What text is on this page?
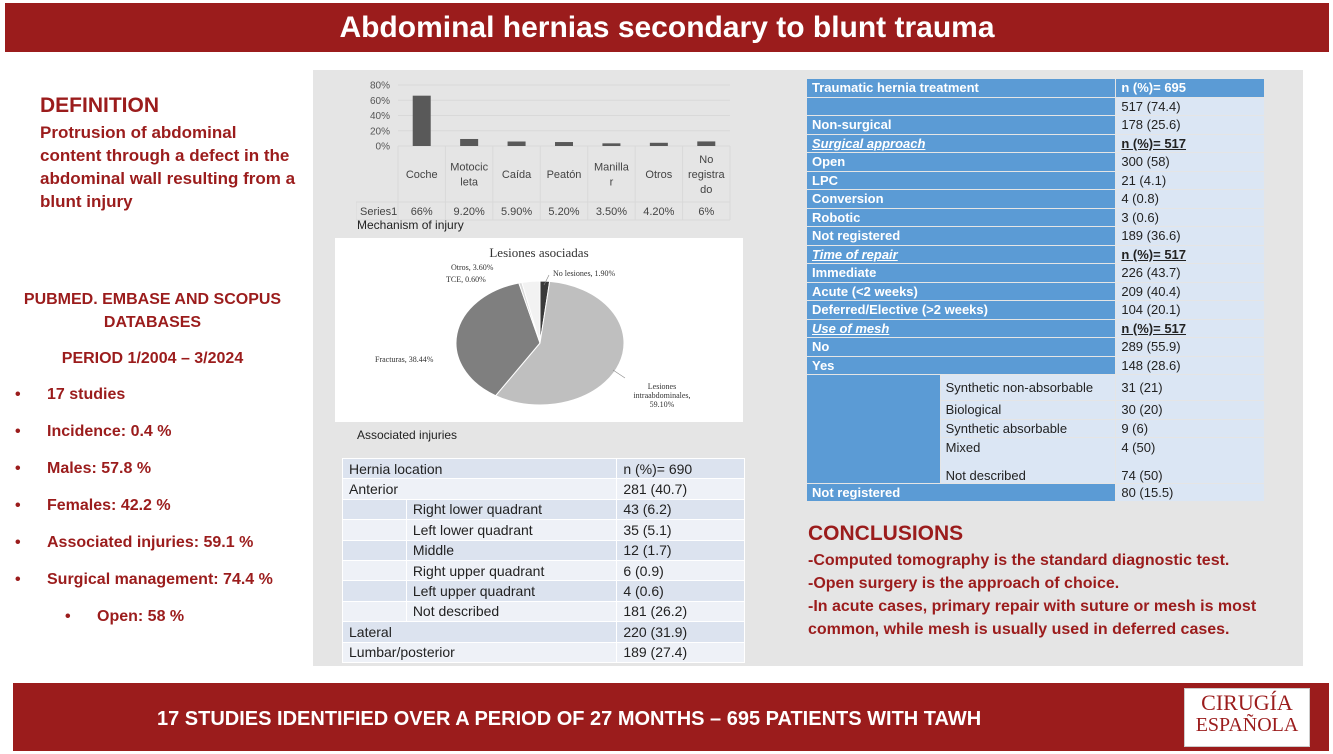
Abdominal hernias secondary to blunt trauma
DEFINITION
Protrusion of abdominal content through a defect in the abdominal wall resulting from a blunt injury
PUBMED. EMBASE AND SCOPUS DATABASES
PERIOD 1/2004 – 3/2024
•	17 studies
•	Incidence: 0.4 %
•	Males: 57.8 %
•	Females: 42.2 %
•	Associated injuries: 59.1 %
•	Surgical management: 74.4 %
•	Open: 58 %
0%
20%
40%
60%
80%
Series1
Coche
66%
Motocic leta
9.20%
Caída
5.90%
Peatón
5.20%
Manilla r
3.50%
Otros
4.20%
No registra do
6%
Mechanism of injury
Lesiones asociadas
No lesiones, 1.90%
Lesiones intraabdominales, 59.10%
Fracturas, 38.44%
TCE, 0.60%
Otros, 3.60%
Associated injuries
Hernia location		n (%)= 690
Anterior		281 (40.7)
	Right lower quadrant	43 (6.2)
	Left lower quadrant	35 (5.1)
	Middle	12 (1.7)
	Right upper quadrant	6 (0.9)
	Left upper quadrant	4 (0.6)
	Not described	181 (26.2)
Lateral		220 (31.9)
Lumbar/posterior		189 (27.4)
Traumatic hernia treatment		n (%)= 695
		517 (74.4)
Non-surgical		178 (25.6)
Surgical approach		n (%)= 517
Open		300 (58)
LPC		21 (4.1)
Conversion		4 (0.8)
Robotic		3 (0.6)
Not registered		189 (36.6)
Time of repair		n (%)= 517
Immediate		226 (43.7)
Acute (<2 weeks)		209 (40.4)
Deferred/Elective (>2 weeks)		104 (20.1)
Use of mesh		n (%)= 517
No		289 (55.9)
Yes		148 (28.6)
	Synthetic non-absorbable	31 (21)
	Biological	30 (20)
	Synthetic absorbable	9 (6)
	Mixed	4 (50)
	Not described	74 (50)
Not registered		80 (15.5)
CONCLUSIONS
-Computed tomography is the standard diagnostic test.
-Open surgery is the approach of choice.
-In acute cases, primary repair with suture or mesh is most common, while mesh is usually used in deferred cases.
17 STUDIES IDENTIFIED OVER A PERIOD OF 27 MONTHS – 695 PATIENTS WITH TAWH
CIRUGÍA
ESPAÑOLA
